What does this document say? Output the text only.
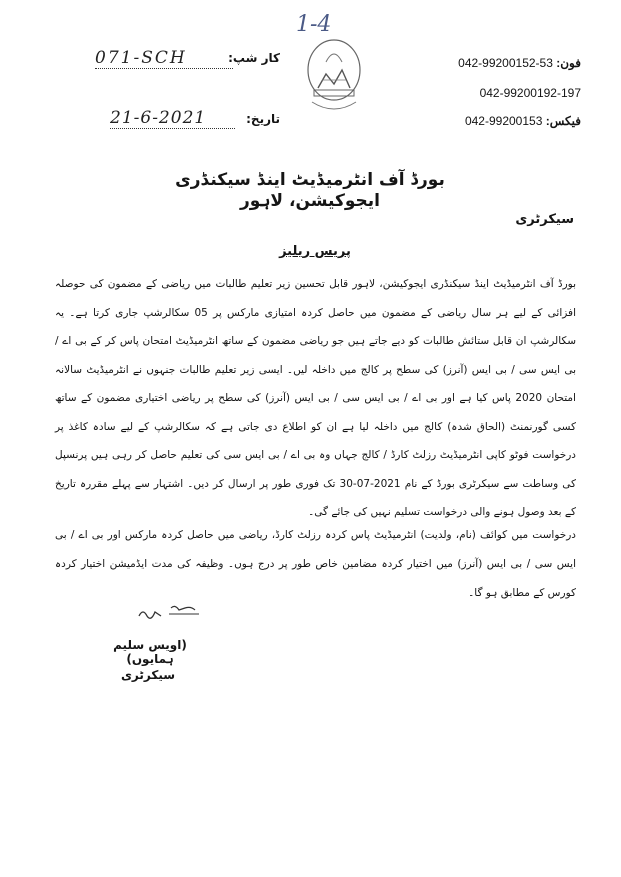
1-4
071-SCH	کار شپ:
21-6-2021	تاریخ:
فون: 042-99200152-53
042-99200192-197
فیکس: 042-99200153
بورڈ آف انٹرمیڈیٹ اینڈ سیکنڈری ایجوکیشن، لاہور
سیکرٹری
پریس ریلیز
بورڈ آف انٹرمیڈیٹ اینڈ سیکنڈری ایجوکیشن، لاہور قابل تحسین زیر تعلیم طالبات میں ریاضی کے مضمون کی حوصلہ افزائی کے لیے ہر سال ریاضی کے مضمون میں حاصل کردہ امتیازی مارکس پر 05 سکالرشپ جاری کرتا ہے۔ یہ سکالرشپ ان قابل ستائش طالبات کو دیے جاتے ہیں جو ریاضی مضمون کے ساتھ انٹرمیڈیٹ امتحان پاس کر کے بی اے / بی ایس سی / بی ایس (آنرز) کی سطح پر کالج میں داخلہ لیں۔ ایسی زیر تعلیم طالبات جنہوں نے انٹرمیڈیٹ سالانہ امتحان 2020 پاس کیا ہے اور بی اے / بی ایس سی / بی ایس (آنرز) کی سطح پر ریاضی اختیاری مضمون کے ساتھ کسی گورنمنٹ (الحاق شدہ) کالج میں داخلہ لیا ہے ان کو اطلاع دی جاتی ہے کہ سکالرشپ کے لیے سادہ کاغذ پر درخواست فوٹو کاپی انٹرمیڈیٹ رزلٹ کارڈ / کالج جہاں وہ بی اے / بی ایس سی کی تعلیم حاصل کر رہی ہیں پرنسپل کی وساطت سے سیکرٹری بورڈ کے نام 2021-07-30 تک فوری طور پر ارسال کر دیں۔ اشتہار سے پہلے مقررہ تاریخ کے بعد وصول ہونے والی درخواست تسلیم نہیں کی جائے گی۔
درخواست میں کوائف (نام، ولدیت) انٹرمیڈیٹ پاس کردہ رزلٹ کارڈ، ریاضی میں حاصل کردہ مارکس اور بی اے / بی ایس سی / بی ایس (آنرز) میں اختیار کردہ مضامین خاص طور پر درج ہوں۔ وظیفہ کی مدت ایڈمیشن اختیار کردہ کورس کے مطابق ہو گا۔
(اویس سلیم ہمایوں)
سیکرٹری
